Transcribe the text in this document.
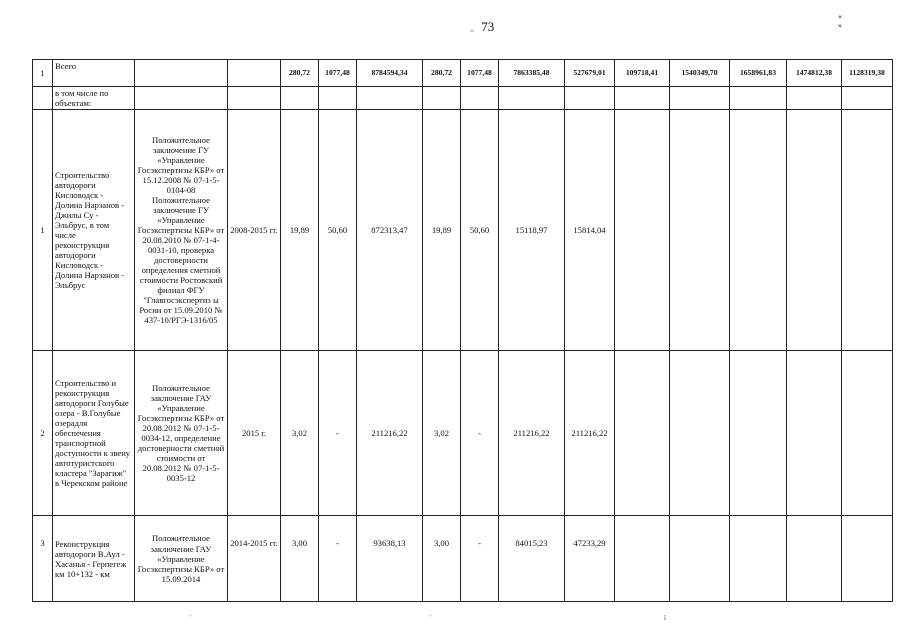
,, 73
« »
1	Всего			280,72	1077,48	8784594,34	280,72	1077,48	7863385,48	527679,01	109718,41	1540349,70	1658961,83	1474812,38	1128319,38
	в том числе по объектам:														
1	Строительство автодороги Кисловодск - Долина Нарзанов - Джилы Су - Эльбрус, в том числе реконструкция автодороги Кисловодск - Долина Нарзанов - Эльбрус	Положительное заключение ГУ «Управление Госэкспертизы КБР» от 15.12.2008 № 07-1-5-0104-08 Положительное заключение ГУ «Управление Госэкспертизы КБР» от 20.08.2010 № 07-1-4-0031-10, проверка достоверности определения сметной стоимости Ростовский филиал ФГУ "Главгосэкспертиз ы Росии от 15.09.2010 № 437-10/РГЭ-1316/05	2008-2015 гг.	19,89	50,60	872313,47	19,89	50,60	15118,97	15814,04					
2	Строительство и реконструкция автодороги Голубые озера - В.Голубые озерадля обеспечения транспортной доступности к звену автотуристского кластера "Зарагиж" в Черекском районе	Положительное заключение ГАУ «Управление Госэкспертизы КБР» от 20.08.2012 № 07-1-5-0034-12, определение достоверности сметной стоимости от 20.08.2012 № 07-1-5-0035-12	2015 г.	3,02	-	211216,22	3,02	-	211216,22	211216,22					
3	Реконструкция автодороги В.Аул - Хасанья - Герпегеж км 10+132 - км	Положительное заключение ГАУ «Управление Госэкспертизы КБР» от 15.09.2014	2014-2015 гг.	3,00	-	93638,13	3,00	-	84015,23	47233,29					
'	'	ì
